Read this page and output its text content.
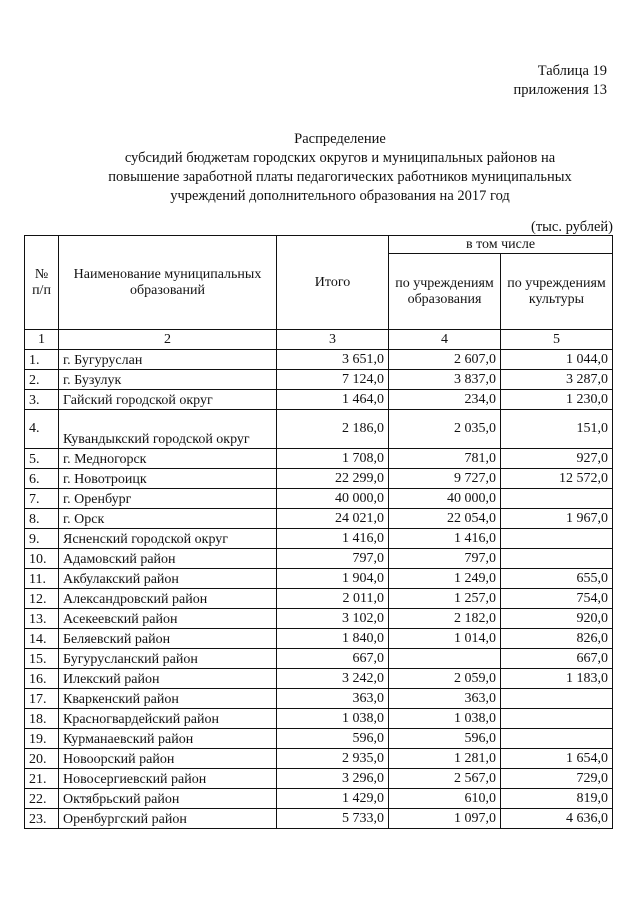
Таблица 19
приложения 13
Распределение
субсидий бюджетам городских округов и муниципальных районов на
повышение заработной платы педагогических работников муниципальных
учреждений дополнительного образования на 2017 год
(тыс. рублей)
№ п/п	Наименование муниципальных образований	Итого	в том числе	
			по учреждениям образования	по учреждениям культуры
1	2	3	4	5
1.	г. Бугуруслан	3 651,0	2 607,0	1 044,0
2.	г. Бузулук	7 124,0	3 837,0	3 287,0
3.	Гайский городской округ	1 464,0	234,0	1 230,0
4.	Кувандыкский городской округ	2 186,0	2 035,0	151,0
5.	г. Медногорск	1 708,0	781,0	927,0
6.	г. Новотроицк	22 299,0	9 727,0	12 572,0
7.	г. Оренбург	40 000,0	40 000,0	
8.	г. Орск	24 021,0	22 054,0	1 967,0
9.	Ясненский городской округ	1 416,0	1 416,0	
10.	Адамовский район	797,0	797,0	
11.	Акбулакский район	1 904,0	1 249,0	655,0
12.	Александровский район	2 011,0	1 257,0	754,0
13.	Асекеевский район	3 102,0	2 182,0	920,0
14.	Беляевский район	1 840,0	1 014,0	826,0
15.	Бугурусланский район	667,0		667,0
16.	Илекский район	3 242,0	2 059,0	1 183,0
17.	Кваркенский район	363,0	363,0	
18.	Красногвардейский район	1 038,0	1 038,0	
19.	Курманаевский район	596,0	596,0	
20.	Новоорский район	2 935,0	1 281,0	1 654,0
21.	Новосергиевский район	3 296,0	2 567,0	729,0
22.	Октябрьский район	1 429,0	610,0	819,0
23.	Оренбургский район	5 733,0	1 097,0	4 636,0
